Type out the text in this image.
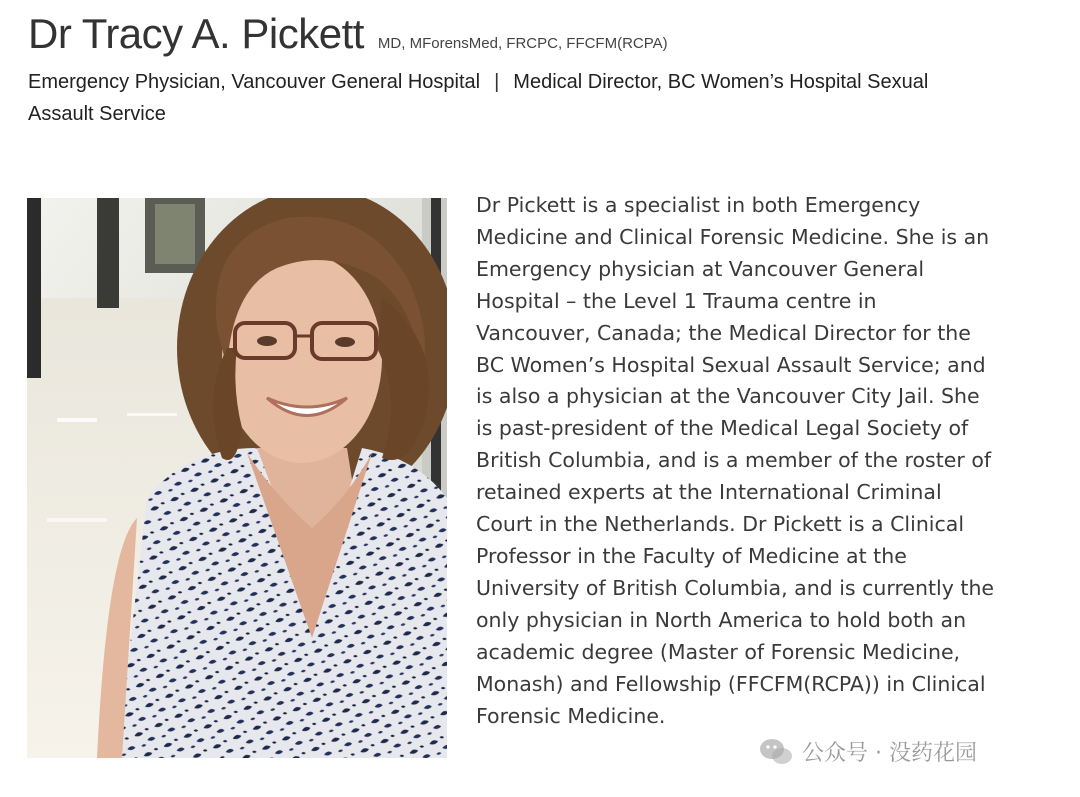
Dr Tracy A. Pickett MD, MForensMed, FRCPC, FFCFM(RCPA)
Emergency Physician, Vancouver General Hospital | Medical Director, BC Women’s Hospital Sexual Assault Service

Dr Pickett is a specialist in both Emergency Medicine and Clinical Forensic Medicine. She is an Emergency physician at Vancouver General Hospital – the Level 1 Trauma centre in Vancouver, Canada; the Medical Director for the BC Women’s Hospital Sexual Assault Service; and is also a physician at the Vancouver City Jail. She is past-president of the Medical Legal Society of British Columbia, and is a member of the roster of retained experts at the International Criminal Court in the Netherlands. Dr Pickett is a Clinical Professor in the Faculty of Medicine at the University of British Columbia, and is currently the only physician in North America to hold both an academic degree (Master of Forensic Medicine, Monash) and Fellowship (FFCFM(RCPA)) in Clinical Forensic Medicine.

公众号 · 没药花园
